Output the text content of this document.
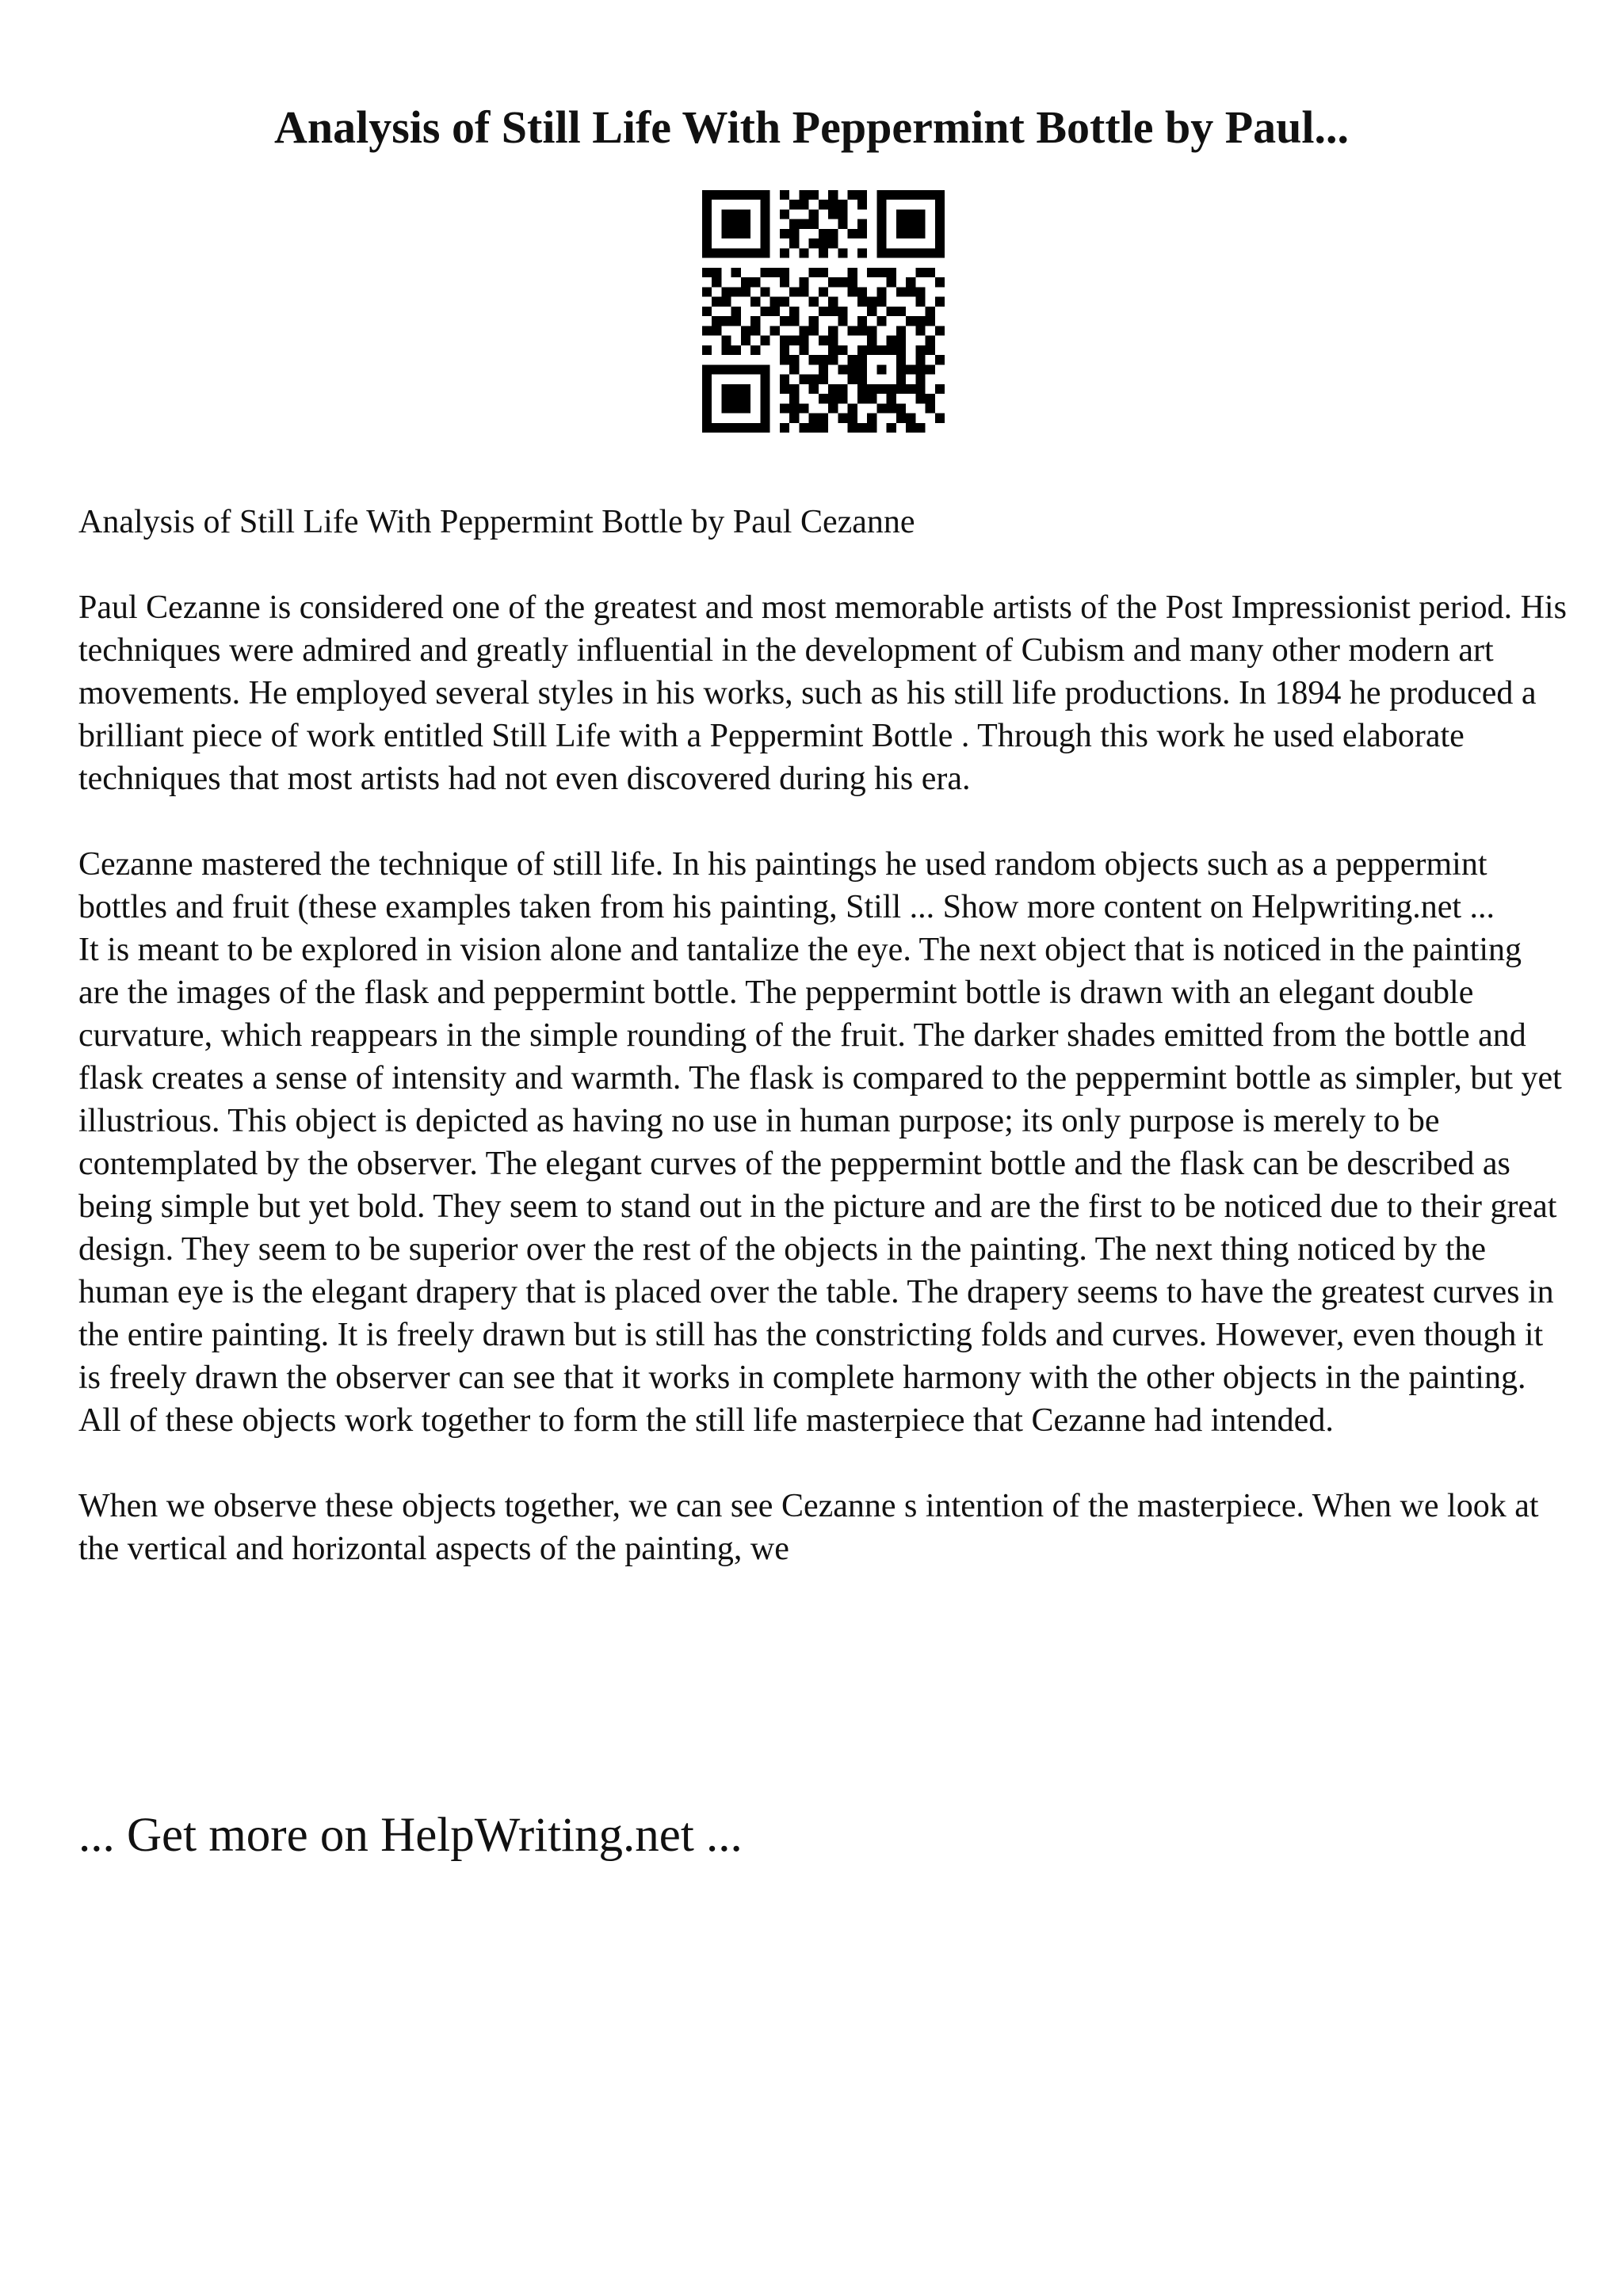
Analysis of Still Life With Peppermint Bottle by Paul...

Analysis of Still Life With Peppermint Bottle by Paul Cezanne

Paul Cezanne is considered one of the greatest and most memorable artists of the Post Impressionist period. His techniques were admired and greatly influential in the development of Cubism and many other modern art movements. He employed several styles in his works, such as his still life productions. In 1894 he produced a brilliant piece of work entitled Still Life with a Peppermint Bottle . Through this work he used elaborate techniques that most artists had not even discovered during his era.

Cezanne mastered the technique of still life. In his paintings he used random objects such as a peppermint bottles and fruit (these examples taken from his painting, Still ... Show more content on Helpwriting.net ...

It is meant to be explored in vision alone and tantalize the eye. The next object that is noticed in the painting are the images of the flask and peppermint bottle. The peppermint bottle is drawn with an elegant double curvature, which reappears in the simple rounding of the fruit. The darker shades emitted from the bottle and flask creates a sense of intensity and warmth. The flask is compared to the peppermint bottle as simpler, but yet illustrious. This object is depicted as having no use in human purpose; its only purpose is merely to be contemplated by the observer. The elegant curves of the peppermint bottle and the flask can be described as being simple but yet bold. They seem to stand out in the picture and are the first to be noticed due to their great design. They seem to be superior over the rest of the objects in the painting. The next thing noticed by the human eye is the elegant drapery that is placed over the table. The drapery seems to have the greatest curves in the entire painting. It is freely drawn but is still has the constricting folds and curves. However, even though it is freely drawn the observer can see that it works in complete harmony with the other objects in the painting. All of these objects work together to form the still life masterpiece that Cezanne had intended.

When we observe these objects together, we can see Cezanne s intention of the masterpiece. When we look at the vertical and horizontal aspects of the painting, we

... Get more on HelpWriting.net ...
